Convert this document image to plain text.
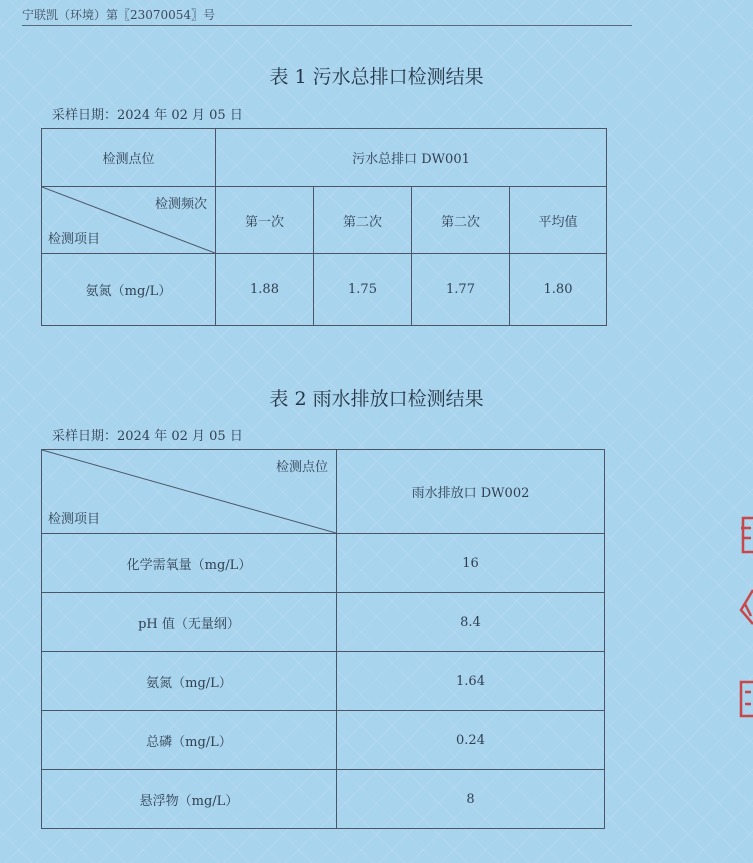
宁联凯（环境）第〖23070054〗号
表 1 污水总排口检测结果
采样日期：2024 年 02 月 05 日
检测点位	污水总排口 DW001			

检测频次
检测项目	第一次	第二次	第二次	平均值
氨氮（mg/L）	1.88	1.75	1.77	1.80
表 2 雨水排放口检测结果
采样日期：2024 年 02 月 05 日
检测点位
检测项目	雨水排放口 DW002
化学需氧量（mg/L）	16
pH 值（无量纲）	8.4
氨氮（mg/L）	1.64
总磷（mg/L）	0.24
悬浮物（mg/L）	8
